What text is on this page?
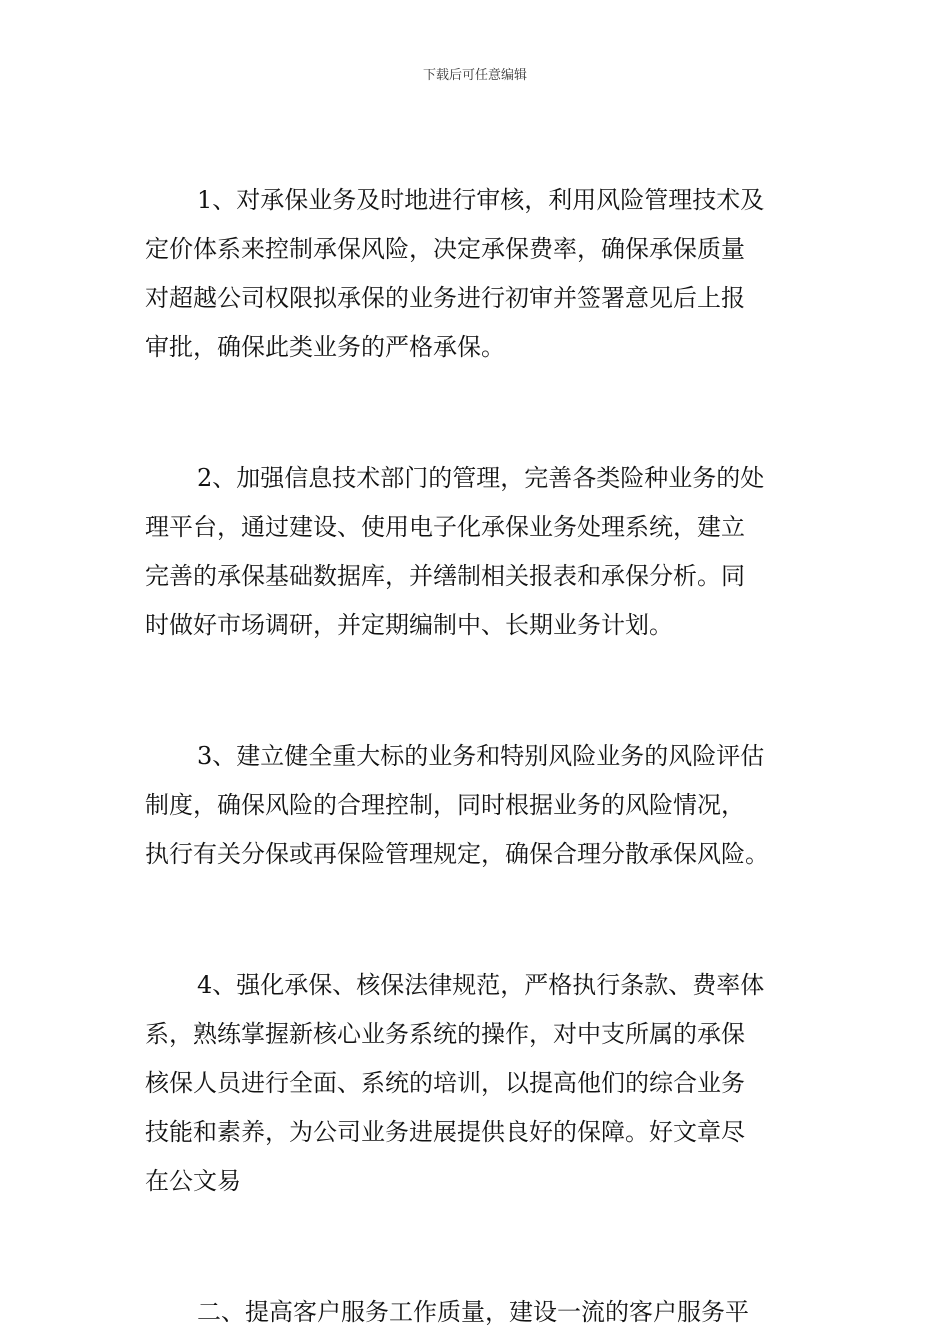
下载后可任意编辑
1、对承保业务及时地进行审核，利用风险管理技术及
定价体系来控制承保风险，决定承保费率，确保承保质量
对超越公司权限拟承保的业务进行初审并签署意见后上报
审批，确保此类业务的严格承保。
2、加强信息技术部门的管理，完善各类险种业务的处
理平台，通过建设、使用电子化承保业务处理系统，建立
完善的承保基础数据库，并缮制相关报表和承保分析。同
时做好市场调研，并定期编制中、长期业务计划。
3、建立健全重大标的业务和特别风险业务的风险评估
制度，确保风险的合理控制，同时根据业务的风险情况，
执行有关分保或再保险管理规定，确保合理分散承保风险。
4、强化承保、核保法律规范，严格执行条款、费率体
系，熟练掌握新核心业务系统的操作，对中支所属的承保
核保人员进行全面、系统的培训，以提高他们的综合业务
技能和素养，为公司业务进展提供良好的保障。好文章尽
在公文易
二、提高客户服务工作质量，建设一流的客户服务平
